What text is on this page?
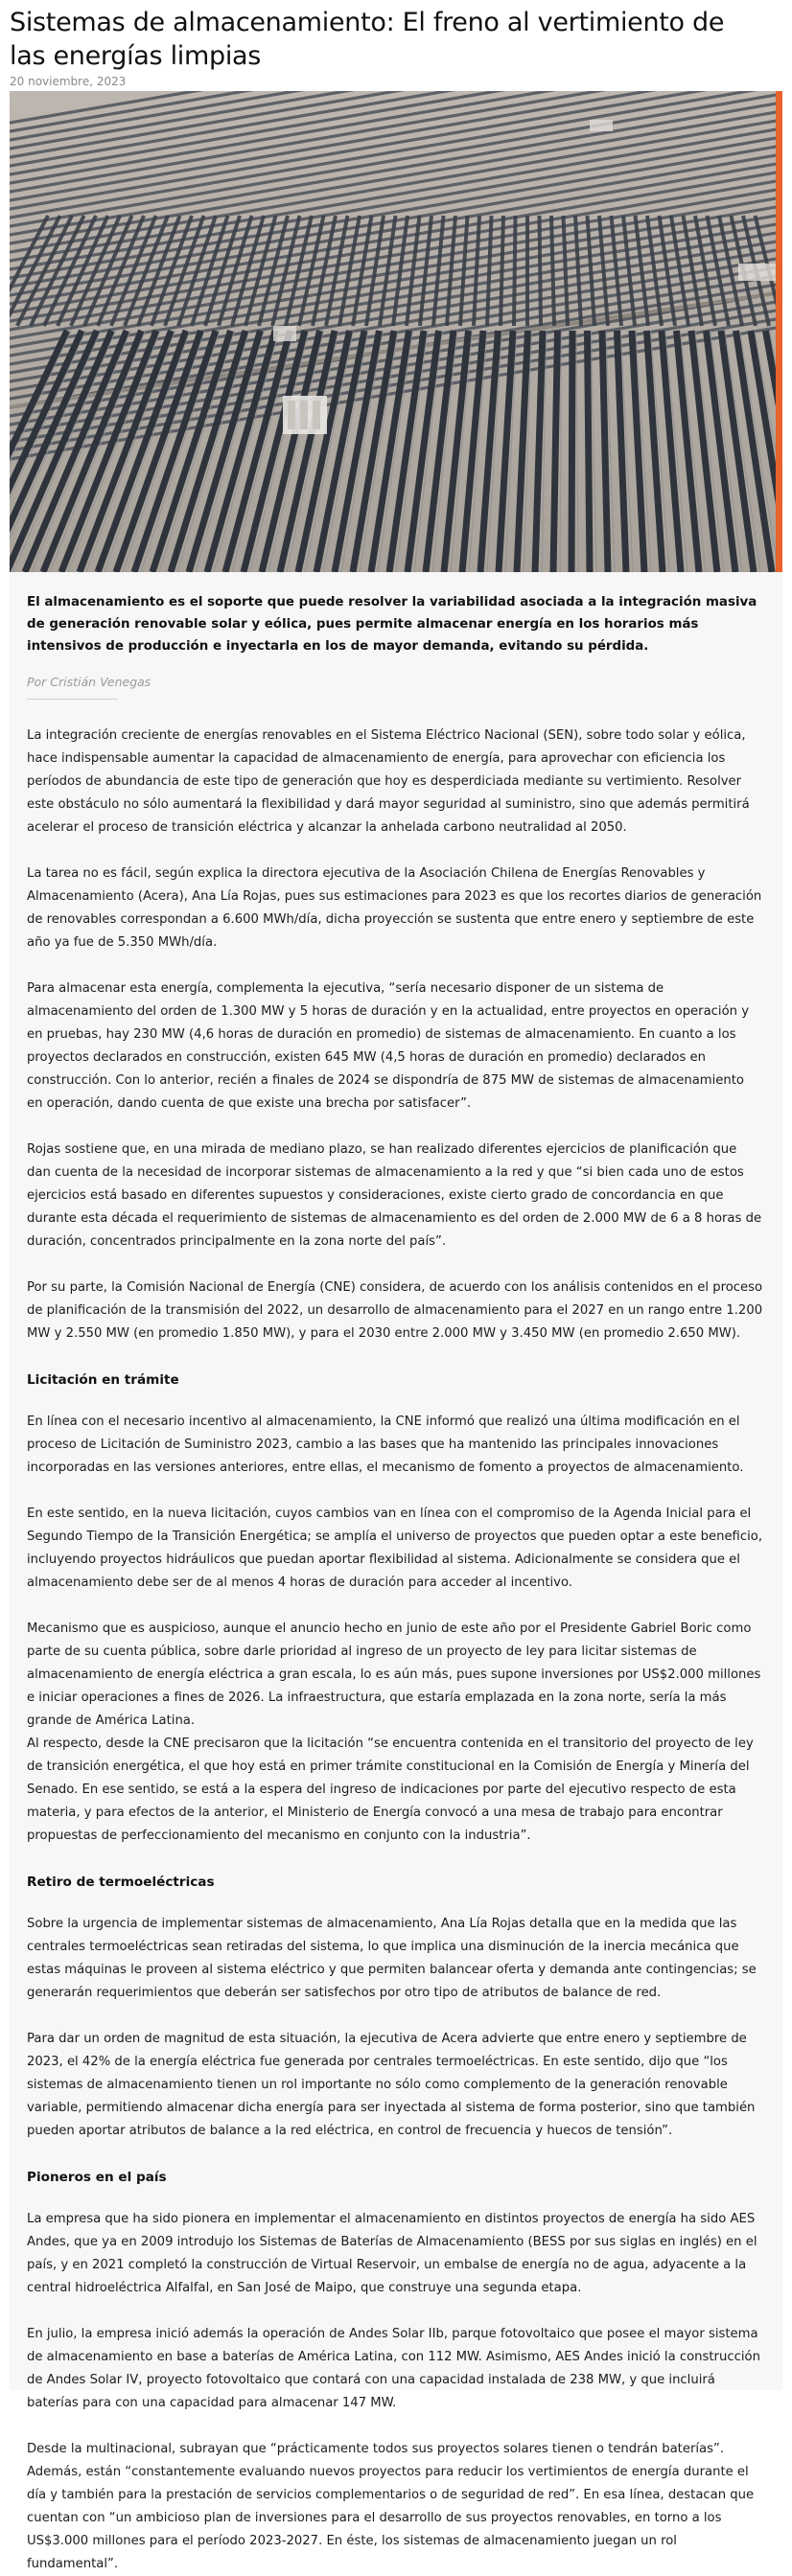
Sistemas de almacenamiento: El freno al vertimiento de las energías limpias
20 noviembre, 2023

El almacenamiento es el soporte que puede resolver la variabilidad asociada a la integración masiva de generación renovable solar y eólica, pues permite almacenar energía en los horarios más intensivos de producción e inyectarla en los de mayor demanda, evitando su pérdida.

Por Cristián Venegas

La integración creciente de energías renovables en el Sistema Eléctrico Nacional (SEN), sobre todo solar y eólica, hace indispensable aumentar la capacidad de almacenamiento de energía, para aprovechar con eficiencia los períodos de abundancia de este tipo de generación que hoy es desperdiciada mediante su vertimiento. Resolver este obstáculo no sólo aumentará la flexibilidad y dará mayor seguridad al suministro, sino que además permitirá acelerar el proceso de transición eléctrica y alcanzar la anhelada carbono neutralidad al 2050.

La tarea no es fácil, según explica la directora ejecutiva de la Asociación Chilena de Energías Renovables y Almacenamiento (Acera), Ana Lía Rojas, pues sus estimaciones para 2023 es que los recortes diarios de generación de renovables correspondan a 6.600 MWh/día, dicha proyección se sustenta que entre enero y septiembre de este año ya fue de 5.350 MWh/día.

Para almacenar esta energía, complementa la ejecutiva, “sería necesario disponer de un sistema de almacenamiento del orden de 1.300 MW y 5 horas de duración y en la actualidad, entre proyectos en operación y en pruebas, hay 230 MW (4,6 horas de duración en promedio) de sistemas de almacenamiento. En cuanto a los proyectos declarados en construcción, existen 645 MW (4,5 horas de duración en promedio) declarados en construcción. Con lo anterior, recién a finales de 2024 se dispondría de 875 MW de sistemas de almacenamiento en operación, dando cuenta de que existe una brecha por satisfacer”.

Rojas sostiene que, en una mirada de mediano plazo, se han realizado diferentes ejercicios de planificación que dan cuenta de la necesidad de incorporar sistemas de almacenamiento a la red y que “si bien cada uno de estos ejercicios está basado en diferentes supuestos y consideraciones, existe cierto grado de concordancia en que durante esta década el requerimiento de sistemas de almacenamiento es del orden de 2.000 MW de 6 a 8 horas de duración, concentrados principalmente en la zona norte del país”.

Por su parte, la Comisión Nacional de Energía (CNE) considera, de acuerdo con los análisis contenidos en el proceso de planificación de la transmisión del 2022, un desarrollo de almacenamiento para el 2027 en un rango entre 1.200 MW y 2.550 MW (en promedio 1.850 MW), y para el 2030 entre 2.000 MW y 3.450 MW (en promedio 2.650 MW).

Licitación en trámite

En línea con el necesario incentivo al almacenamiento, la CNE informó que realizó una última modificación en el proceso de Licitación de Suministro 2023, cambio a las bases que ha mantenido las principales innovaciones incorporadas en las versiones anteriores, entre ellas, el mecanismo de fomento a proyectos de almacenamiento.

En este sentido, en la nueva licitación, cuyos cambios van en línea con el compromiso de la Agenda Inicial para el Segundo Tiempo de la Transición Energética; se amplía el universo de proyectos que pueden optar a este beneficio, incluyendo proyectos hidráulicos que puedan aportar flexibilidad al sistema. Adicionalmente se considera que el almacenamiento debe ser de al menos 4 horas de duración para acceder al incentivo.

Mecanismo que es auspicioso, aunque el anuncio hecho en junio de este año por el Presidente Gabriel Boric como parte de su cuenta pública, sobre darle prioridad al ingreso de un proyecto de ley para licitar sistemas de almacenamiento de energía eléctrica a gran escala, lo es aún más, pues supone inversiones por US$2.000 millones e iniciar operaciones a fines de 2026. La infraestructura, que estaría emplazada en la zona norte, sería la más grande de América Latina.

Al respecto, desde la CNE precisaron que la licitación “se encuentra contenida en el transitorio del proyecto de ley de transición energética, el que hoy está en primer trámite constitucional en la Comisión de Energía y Minería del Senado. En ese sentido, se está a la espera del ingreso de indicaciones por parte del ejecutivo respecto de esta materia, y para efectos de la anterior, el Ministerio de Energía convocó a una mesa de trabajo para encontrar propuestas de perfeccionamiento del mecanismo en conjunto con la industria”.

Retiro de termoeléctricas

Sobre la urgencia de implementar sistemas de almacenamiento, Ana Lía Rojas detalla que en la medida que las centrales termoeléctricas sean retiradas del sistema, lo que implica una disminución de la inercia mecánica que estas máquinas le proveen al sistema eléctrico y que permiten balancear oferta y demanda ante contingencias; se generarán requerimientos que deberán ser satisfechos por otro tipo de atributos de balance de red.

Para dar un orden de magnitud de esta situación, la ejecutiva de Acera advierte que entre enero y septiembre de 2023, el 42% de la energía eléctrica fue generada por centrales termoeléctricas. En este sentido, dijo que “los sistemas de almacenamiento tienen un rol importante no sólo como complemento de la generación renovable variable, permitiendo almacenar dicha energía para ser inyectada al sistema de forma posterior, sino que también pueden aportar atributos de balance a la red eléctrica, en control de frecuencia y huecos de tensión”.

Pioneros en el país

La empresa que ha sido pionera en implementar el almacenamiento en distintos proyectos de energía ha sido AES Andes, que ya en 2009 introdujo los Sistemas de Baterías de Almacenamiento (BESS por sus siglas en inglés) en el país, y en 2021 completó la construcción de Virtual Reservoir, un embalse de energía no de agua, adyacente a la central hidroeléctrica Alfalfal, en San José de Maipo, que construye una segunda etapa.

En julio, la empresa inició además la operación de Andes Solar IIb, parque fotovoltaico que posee el mayor sistema de almacenamiento en base a baterías de América Latina, con 112 MW. Asimismo, AES Andes inició la construcción de Andes Solar IV, proyecto fotovoltaico que contará con una capacidad instalada de 238 MW, y que incluirá baterías para con una capacidad para almacenar 147 MW.

Desde la multinacional, subrayan que “prácticamente todos sus proyectos solares tienen o tendrán baterías”. Además, están “constantemente evaluando nuevos proyectos para reducir los vertimientos de energía durante el día y también para la prestación de servicios complementarios o de seguridad de red”. En esa línea, destacan que cuentan con “un ambicioso plan de inversiones para el desarrollo de sus proyectos renovables, en torno a los US$3.000 millones para el período 2023-2027. En éste, los sistemas de almacenamiento juegan un rol fundamental”.
